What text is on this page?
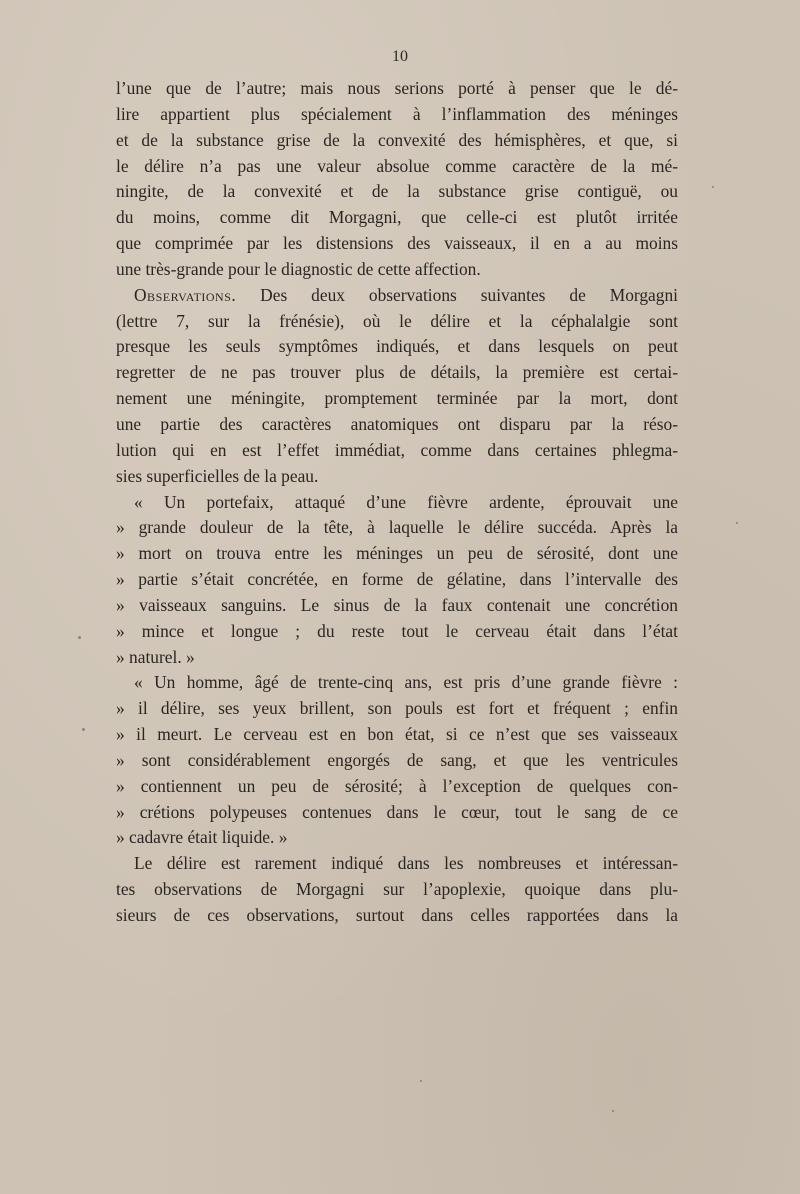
10
l’une que de l’autre; mais nous serions porté à penser que le dé-
lire appartient plus spécialement à l’inflammation des méninges
et de la substance grise de la convexité des hémisphères, et que, si
le délire n’a pas une valeur absolue comme caractère de la mé-
ningite, de la convexité et de la substance grise contiguë, ou
du moins, comme dit Morgagni, que celle-ci est plutôt irritée
que comprimée par les distensions des vaisseaux, il en a au moins
une très-grande pour le diagnostic de cette affection.
Observations. Des deux observations suivantes de Morgagni
(lettre 7, sur la frénésie), où le délire et la céphalalgie sont
presque les seuls symptômes indiqués, et dans lesquels on peut
regretter de ne pas trouver plus de détails, la première est certai-
nement une méningite, promptement terminée par la mort, dont
une partie des caractères anatomiques ont disparu par la réso-
lution qui en est l’effet immédiat, comme dans certaines phlegma-
sies superficielles de la peau.
« Un portefaix, attaqué d’une fièvre ardente, éprouvait une
» grande douleur de la tête, à laquelle le délire succéda. Après la
» mort on trouva entre les méninges un peu de sérosité, dont une
» partie s’était concrétée, en forme de gélatine, dans l’intervalle des
» vaisseaux sanguins. Le sinus de la faux contenait une concrétion
» mince et longue ; du reste tout le cerveau était dans l’état
» naturel. »
« Un homme, âgé de trente-cinq ans, est pris d’une grande fièvre :
» il délire, ses yeux brillent, son pouls est fort et fréquent ; enfin
» il meurt. Le cerveau est en bon état, si ce n’est que ses vaisseaux
» sont considérablement engorgés de sang, et que les ventricules
» contiennent un peu de sérosité; à l’exception de quelques con-
» crétions polypeuses contenues dans le cœur, tout le sang de ce
» cadavre était liquide. »
Le délire est rarement indiqué dans les nombreuses et intéressan-
tes observations de Morgagni sur l’apoplexie, quoique dans plu-
sieurs de ces observations, surtout dans celles rapportées dans la
